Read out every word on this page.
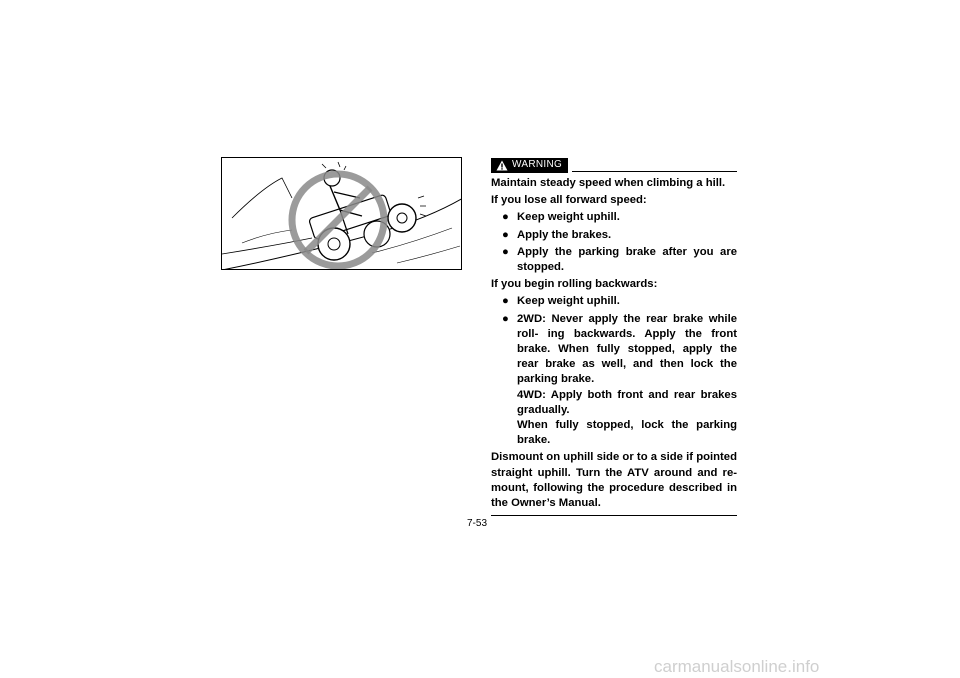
WARNING

Maintain steady speed when climbing a hill.

If you lose all forward speed:

● Keep weight uphill.
● Apply the brakes.
● Apply the parking brake after you are stopped.

If you begin rolling backwards:

● Keep weight uphill.
● 2WD: Never apply the rear brake while roll- ing backwards. Apply the front brake. When fully stopped, apply the rear brake as well, and then lock the parking brake.
4WD: Apply both front and rear brakes gradually.
When fully stopped, lock the parking brake.

Dismount on uphill side or to a side if pointed straight uphill. Turn the ATV around and re- mount, following the procedure described in the Owner’s Manual.

7-53
carmanualsonline.info
